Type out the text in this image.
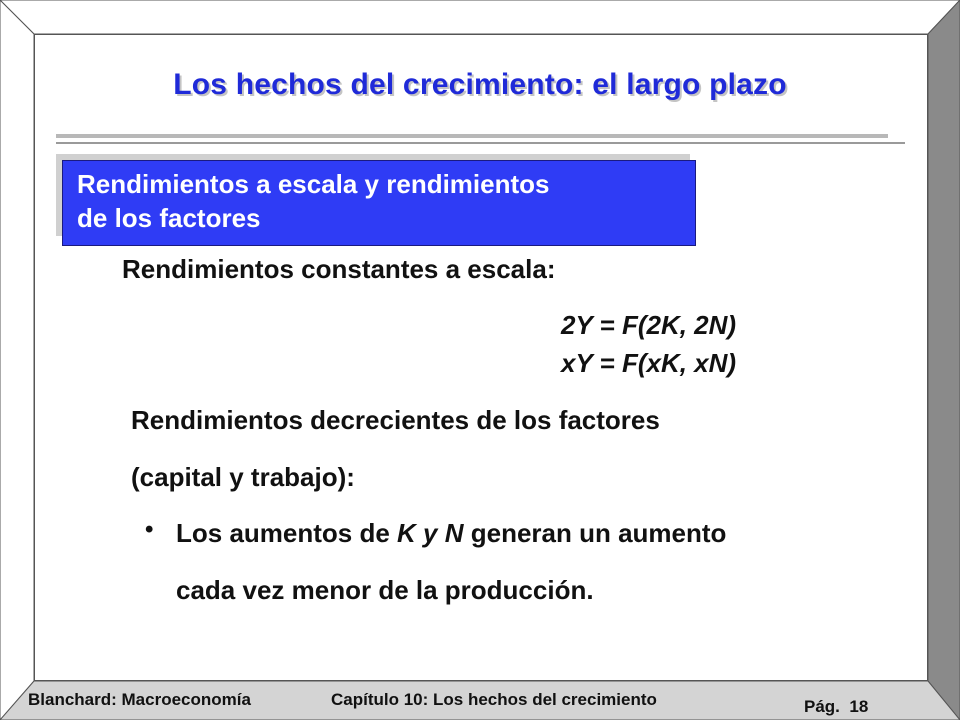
Los hechos del crecimiento: el largo plazo
Rendimientos a escala y rendimientos
de los factores
Rendimientos constantes a escala:
2Y = F(2K, 2N)
xY = F(xK, xN)
Rendimientos decrecientes de los factores
(capital y trabajo):
• Los aumentos de K y N generan un aumento
cada vez menor de la producción.
Blanchard: Macroeconomía	Capítulo 10: Los hechos del crecimiento	Pág. 18
